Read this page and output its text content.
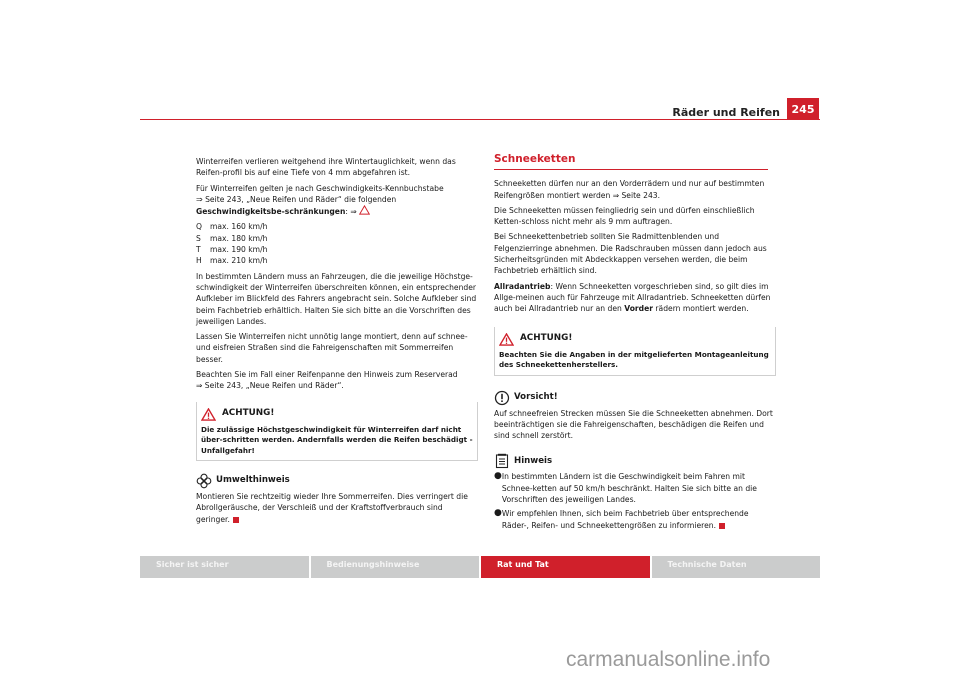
Räder und Reifen	245

Winterreifen verlieren weitgehend ihre Wintertauglichkeit, wenn das Reifen-profil bis auf eine Tiefe von 4 mm abgefahren ist.

Für Winterreifen gelten je nach Geschwindigkeits-Kennbuchstabe
⇒ Seite 243, „Neue Reifen und Räder“ die folgenden Geschwindigkeitsbe-schränkungen: ⇒

Q	max. 160 km/h
S	max. 180 km/h
T	max. 190 km/h
H	max. 210 km/h

In bestimmten Ländern muss an Fahrzeugen, die die jeweilige Höchstge-schwindigkeit der Winterreifen überschreiten können, ein entsprechender Aufkleber im Blickfeld des Fahrers angebracht sein. Solche Aufkleber sind beim Fachbetrieb erhältlich. Halten Sie sich bitte an die Vorschriften des jeweiligen Landes.

Lassen Sie Winterreifen nicht unnötig lange montiert, denn auf schnee- und eisfreien Straßen sind die Fahreigenschaften mit Sommerreifen besser.

Beachten Sie im Fall einer Reifenpanne den Hinweis zum Reserverad
⇒ Seite 243, „Neue Reifen und Räder“.

ACHTUNG!
Die zulässige Höchstgeschwindigkeit für Winterreifen darf nicht über-schritten werden. Andernfalls werden die Reifen beschädigt - Unfallgefahr!
Umwelthinweis

Montieren Sie rechtzeitig wieder Ihre Sommerreifen. Dies verringert die Abrollgeräusche, der Verschleiß und der Kraftstoffverbrauch sind geringer.

Schneeketten

Schneeketten dürfen nur an den Vorderrädern und nur auf bestimmten Reifengrößen montiert werden ⇒ Seite 243.

Die Schneeketten müssen feingliedrig sein und dürfen einschließlich Ketten-schloss nicht mehr als 9 mm auftragen.

Bei Schneekettenbetrieb sollten Sie Radmittenblenden und Felgenzierringe abnehmen. Die Radschrauben müssen dann jedoch aus Sicherheitsgründen mit Abdeckkappen versehen werden, die beim Fachbetrieb erhältlich sind.

Allradantrieb: Wenn Schneeketten vorgeschrieben sind, so gilt dies im Allge-meinen auch für Fahrzeuge mit Allradantrieb. Schneeketten dürfen auch bei Allradantrieb nur an den Vorder rädern montiert werden.

ACHTUNG!
Beachten Sie die Angaben in der mitgelieferten Montageanleitung des Schneekettenherstellers.
Vorsicht!

Auf schneefreien Strecken müssen Sie die Schneeketten abnehmen. Dort beeinträchtigen sie die Fahreigenschaften, beschädigen die Reifen und sind schnell zerstört.

Hinweis
● In bestimmten Ländern ist die Geschwindigkeit beim Fahren mit Schnee-ketten auf 50 km/h beschränkt. Halten Sie sich bitte an die Vorschriften des jeweiligen Landes.
● Wir empfehlen Ihnen, sich beim Fachbetrieb über entsprechende Räder-, Reifen- und Schneekettengrößen zu informieren.
Sicher ist sicher	Bedienungshinweise	Rat und Tat	Technische Daten
carmanualsonline.info
